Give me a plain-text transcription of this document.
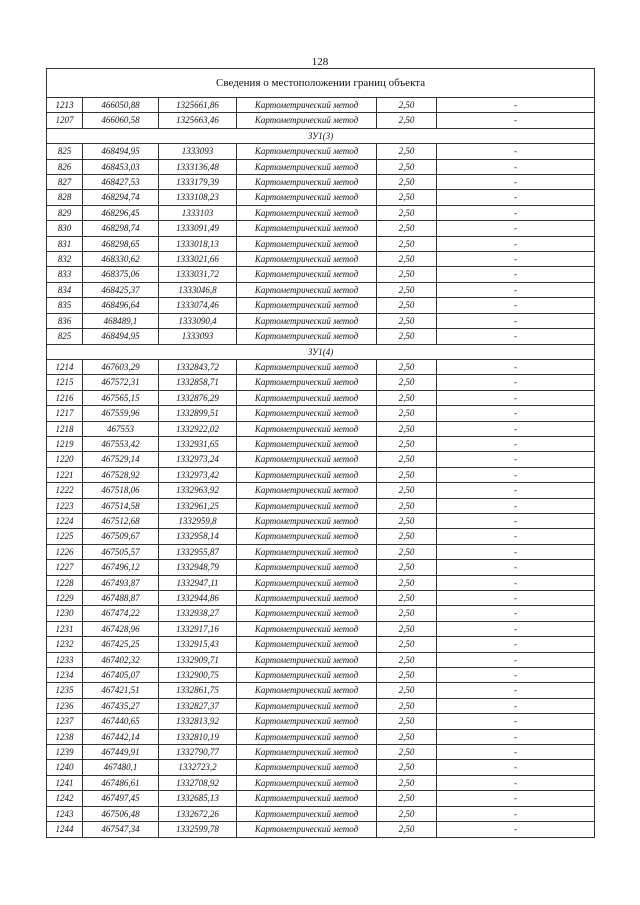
128
Сведения о местоположении границ объекта					
1213	466050,88	1325661,86	Картометрический метод	2,50	-
1207	466060,58	1325663,46	Картометрический метод	2,50	-
ЗУ1(3)					
825	468494,95	1333093	Картометрический метод	2,50	-
826	468453,03	1333136,48	Картометрический метод	2,50	-
827	468427,53	1333179,39	Картометрический метод	2,50	-
828	468294,74	1333108,23	Картометрический метод	2,50	-
829	468296,45	1333103	Картометрический метод	2,50	-
830	468298,74	1333091,49	Картометрический метод	2,50	-
831	468298,65	1333018,13	Картометрический метод	2,50	-
832	468330,62	1333021,66	Картометрический метод	2,50	-
833	468375,06	1333031,72	Картометрический метод	2,50	-
834	468425,37	1333046,8	Картометрический метод	2,50	-
835	468496,64	1333074,46	Картометрический метод	2,50	-
836	468489,1	1333090,4	Картометрический метод	2,50	-
825	468494,95	1333093	Картометрический метод	2,50	-
ЗУ1(4)					
1214	467603,29	1332843,72	Картометрический метод	2,50	-
1215	467572,31	1332858,71	Картометрический метод	2,50	-
1216	467565,15	1332876,29	Картометрический метод	2,50	-
1217	467559,96	1332899,51	Картометрический метод	2,50	-
1218	467553	1332922,02	Картометрический метод	2,50	-
1219	467553,42	1332931,65	Картометрический метод	2,50	-
1220	467529,14	1332973,24	Картометрический метод	2,50	-
1221	467528,92	1332973,42	Картометрический метод	2,50	-
1222	467518,06	1332963,92	Картометрический метод	2,50	-
1223	467514,58	1332961,25	Картометрический метод	2,50	-
1224	467512,68	1332959,8	Картометрический метод	2,50	-
1225	467509,67	1332958,14	Картометрический метод	2,50	-
1226	467505,57	1332955,87	Картометрический метод	2,50	-
1227	467496,12	1332948,79	Картометрический метод	2,50	-
1228	467493,87	1332947,11	Картометрический метод	2,50	-
1229	467488,87	1332944,86	Картометрический метод	2,50	-
1230	467474,22	1332938,27	Картометрический метод	2,50	-
1231	467428,96	1332917,16	Картометрический метод	2,50	-
1232	467425,25	1332915,43	Картометрический метод	2,50	-
1233	467402,32	1332909,71	Картометрический метод	2,50	-
1234	467405,07	1332900,75	Картометрический метод	2,50	-
1235	467421,51	1332861,75	Картометрический метод	2,50	-
1236	467435,27	1332827,37	Картометрический метод	2,50	-
1237	467440,65	1332813,92	Картометрический метод	2,50	-
1238	467442,14	1332810,19	Картометрический метод	2,50	-
1239	467449,91	1332790,77	Картометрический метод	2,50	-
1240	467480,1	1332723,2	Картометрический метод	2,50	-
1241	467486,61	1332708,92	Картометрический метод	2,50	-
1242	467497,45	1332685,13	Картометрический метод	2,50	-
1243	467506,48	1332672,26	Картометрический метод	2,50	-
1244	467547,34	1332599,78	Картометрический метод	2,50	-
